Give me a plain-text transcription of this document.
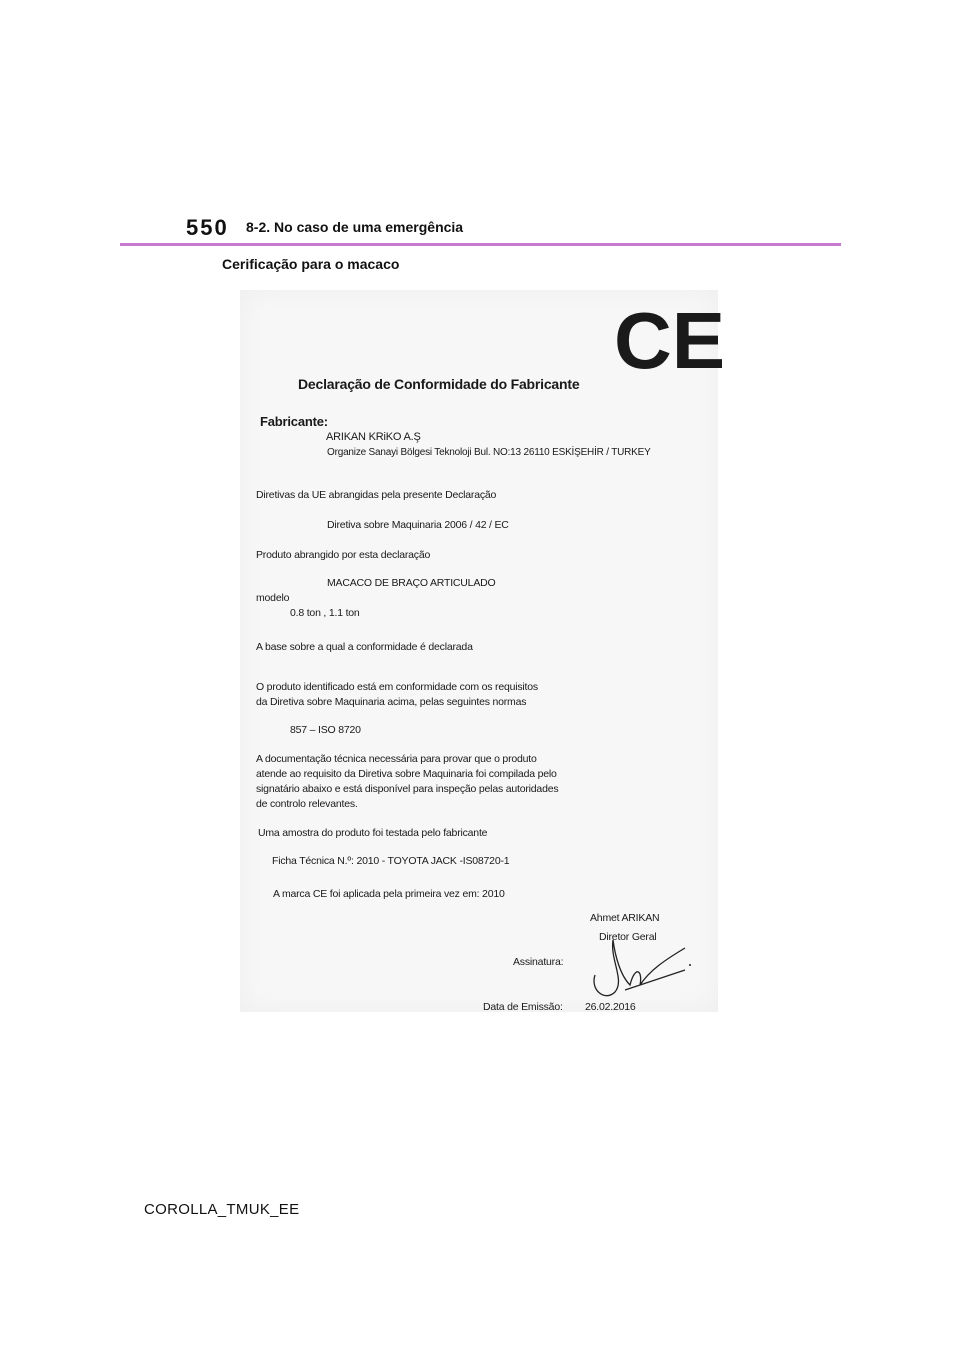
550 8-2. No caso de uma emergência
Cerificação para o macaco
CE
Declaração de Conformidade do Fabricante
Fabricante:
ARIKAN KRiKO A.Ş
Organize Sanayi Bölgesi Teknoloji Bul. NO:13 26110 ESKİŞEHİR / TURKEY
Diretivas da UE abrangidas pela presente Declaração
Diretiva sobre Maquinaria 2006 / 42 / EC
Produto abrangido por esta declaração
MACACO DE BRAÇO ARTICULADO
modelo
0.8 ton , 1.1 ton
A base sobre a qual a conformidade é declarada
O produto identificado está em conformidade com os requisitos
da Diretiva sobre Maquinaria acima, pelas seguintes normas
857 – ISO 8720
A documentação técnica necessária para provar que o produto
atende ao requisito da Diretiva sobre Maquinaria foi compilada pelo
signatário abaixo e está disponível para inspeção pelas autoridades
de controlo relevantes.
Uma amostra do produto foi testada pelo fabricante
Ficha Técnica N.º: 2010 - TOYOTA JACK -IS08720-1
A marca CE foi aplicada pela primeira vez em: 2010
Ahmet ARIKAN
Diretor Geral
Assinatura:
Data de Emissão: 26.02.2016
COROLLA_TMUK_EE
